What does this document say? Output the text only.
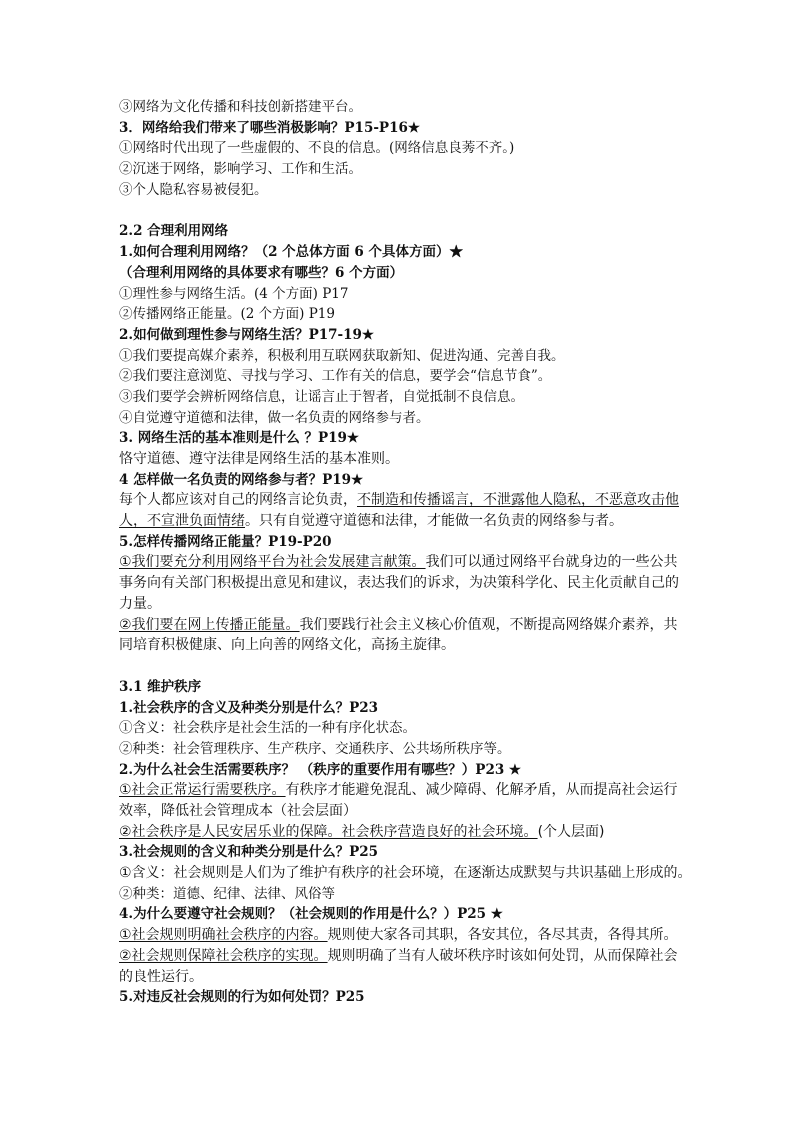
③网络为文化传播和科技创新搭建平台。
3．网络给我们带来了哪些消极影响？P15-P16★
①网络时代出现了一些虚假的、不良的信息。(网络信息良莠不齐。)
②沉迷于网络，影响学习、工作和生活。
③个人隐私容易被侵犯。
2.2 合理利用网络
1.如何合理利用网络？（2 个总体方面 6 个具体方面）★
（合理利用网络的具体要求有哪些？6 个方面）
①理性参与网络生活。(4 个方面) P17
②传播网络正能量。(2 个方面) P19
2.如何做到理性参与网络生活？P17-19★
①我们要提高媒介素养，积极利用互联网获取新知、促进沟通、完善自我。
②我们要注意浏览、寻找与学习、工作有关的信息，要学会“信息节食”。
③我们要学会辨析网络信息，让谣言止于智者，自觉抵制不良信息。
④自觉遵守道德和法律，做一名负责的网络参与者。
3. 网络生活的基本准则是什么 ？P19★
恪守道德、遵守法律是网络生活的基本准则。
4 怎样做一名负责的网络参与者？P19★
每个人都应该对自己的网络言论负责，不制造和传播谣言，不泄露他人隐私，不恶意攻击他
人，不宣泄负面情绪。只有自觉遵守道德和法律，才能做一名负责的网络参与者。
5.怎样传播网络正能量？P19-P20
①我们要充分利用网络平台为社会发展建言献策。我们可以通过网络平台就身边的一些公共
事务向有关部门积极提出意见和建议，表达我们的诉求，为决策科学化、民主化贡献自己的
力量。
②我们要在网上传播正能量。我们要践行社会主义核心价值观，不断提高网络媒介素养，共
同培育积极健康、向上向善的网络文化，高扬主旋律。
3.1 维护秩序
1.社会秩序的含义及种类分别是什么？P23
①含义：社会秩序是社会生活的一种有序化状态。
②种类：社会管理秩序、生产秩序、交通秩序、公共场所秩序等。
2.为什么社会生活需要秩序？ （秩序的重要作用有哪些？）P23 ★
①社会正常运行需要秩序。有秩序才能避免混乱、减少障碍、化解矛盾，从而提高社会运行
效率，降低社会管理成本（社会层面）
②社会秩序是人民安居乐业的保障。社会秩序营造良好的社会环境。(个人层面)
3.社会规则的含义和种类分别是什么？P25
①含义：社会规则是人们为了维护有秩序的社会环境，在逐渐达成默契与共识基础上形成的。
②种类：道德、纪律、法律、风俗等
4.为什么要遵守社会规则？（社会规则的作用是什么？）P25 ★
①社会规则明确社会秩序的内容。规则使大家各司其职，各安其位，各尽其责，各得其所。
②社会规则保障社会秩序的实现。规则明确了当有人破坏秩序时该如何处罚，从而保障社会
的良性运行。
5.对违反社会规则的行为如何处罚？P25
